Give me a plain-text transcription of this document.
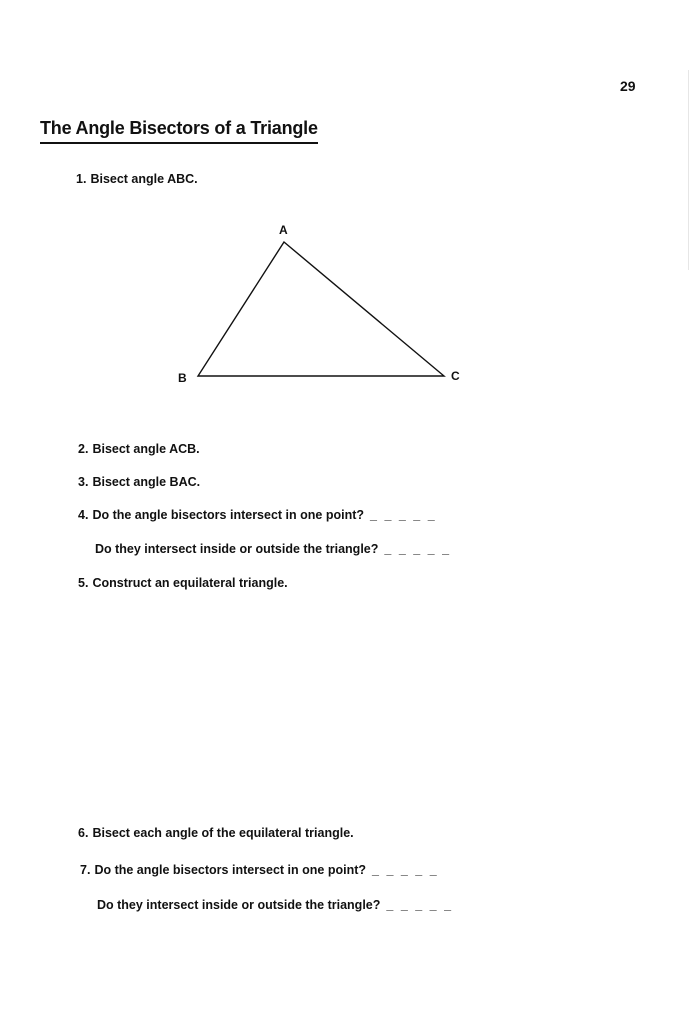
29
The Angle Bisectors of a Triangle
1. Bisect angle ABC.
A
B	C
2. Bisect angle ACB.
3. Bisect angle BAC.
4. Do the angle bisectors intersect in one point? _ _ _ _ _
Do they intersect inside or outside the triangle? _ _ _ _ _
5. Construct an equilateral triangle.
6. Bisect each angle of the equilateral triangle.
7. Do the angle bisectors intersect in one point? _ _ _ _ _
Do they intersect inside or outside the triangle? _ _ _ _ _
